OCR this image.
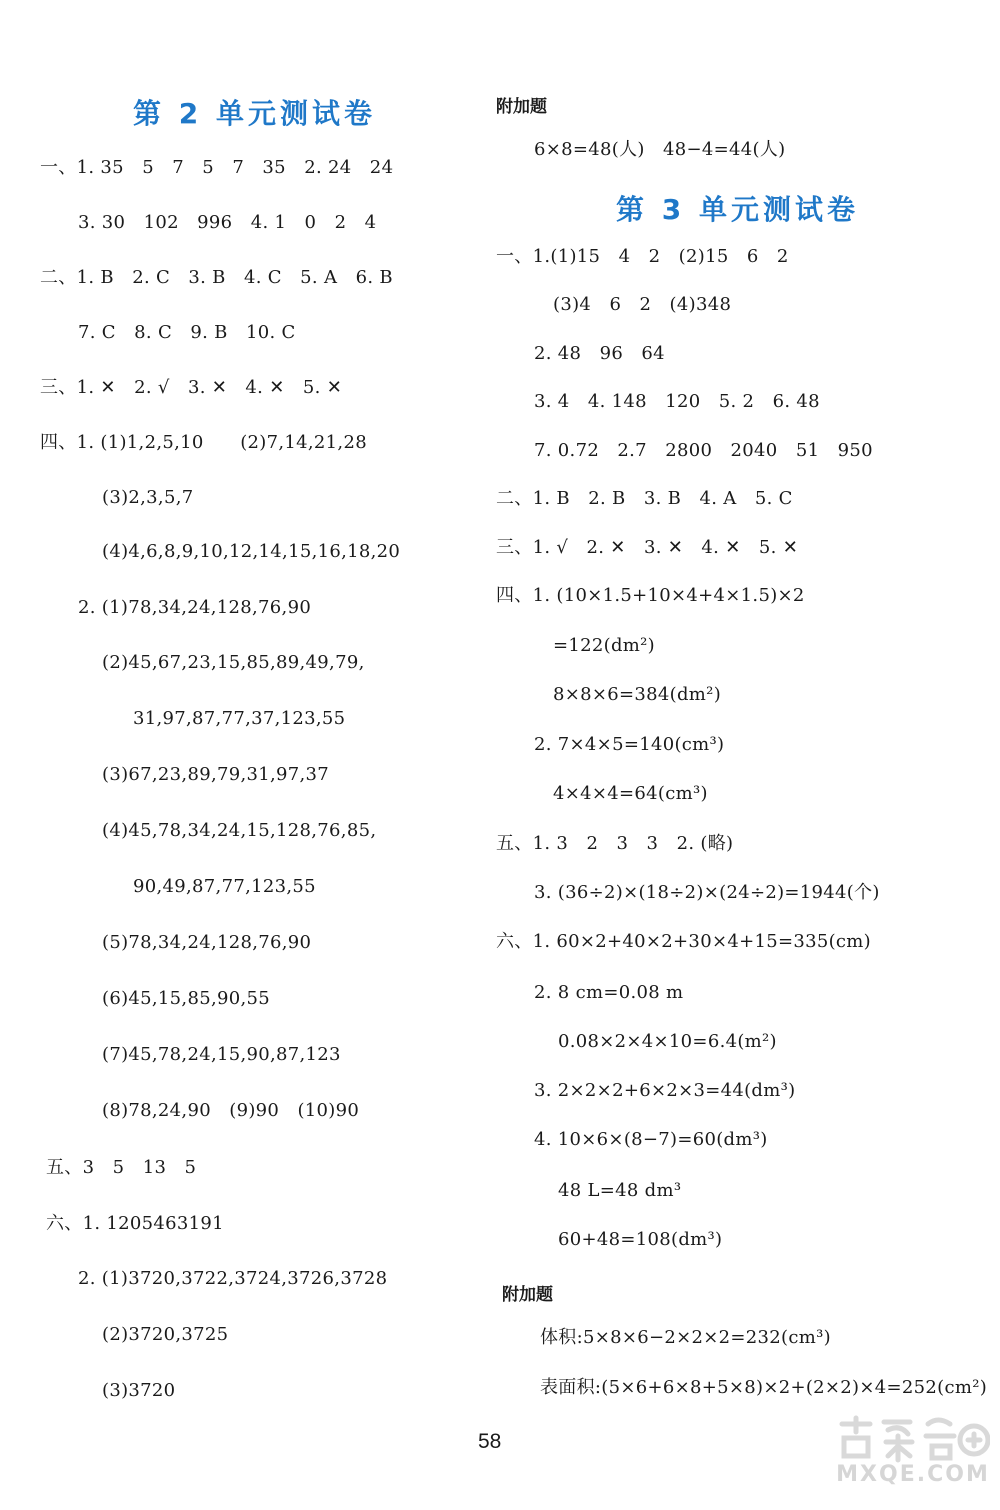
第 2 单元测试卷
一、1. 35　5　7　5　7　35　2. 24　24
3. 30　102　996　4. 1　0　2　4
二、1. B　2. C　3. B　4. C　5. A　6. B
7. C　8. C　9. B　10. C
三、1. ✕　2. √　3. ✕　4. ✕　5. ✕
四、1. (1)1,2,5,10　　(2)7,14,21,28
(3)2,3,5,7
(4)4,6,8,9,10,12,14,15,16,18,20
2. (1)78,34,24,128,76,90
(2)45,67,23,15,85,89,49,79,
31,97,87,77,37,123,55
(3)67,23,89,79,31,97,37
(4)45,78,34,24,15,128,76,85,
90,49,87,77,123,55
(5)78,34,24,128,76,90
(6)45,15,85,90,55
(7)45,78,24,15,90,87,123
(8)78,24,90　(9)90　(10)90
五、3　5　13　5
六、1. 1205463191
2. (1)3720,3722,3724,3726,3728
(2)3720,3725
(3)3720
附加题
6×8=48(人)　48−4=44(人)
第 3 单元测试卷
一、1.(1)15　4　2　(2)15　6　2
(3)4　6　2　(4)348
2. 48　96　64
3. 4　4. 148　120　5. 2　6. 48
7. 0.72　2.7　2800　2040　51　950
二、1. B　2. B　3. B　4. A　5. C
三、1. √　2. ✕　3. ✕　4. ✕　5. ✕
四、1. (10×1.5+10×4+4×1.5)×2
=122(dm²)
8×8×6=384(dm²)
2. 7×4×5=140(cm³)
4×4×4=64(cm³)
五、1. 3　2　3　3　2. (略)
3. (36÷2)×(18÷2)×(24÷2)=1944(个)
六、1. 60×2+40×2+30×4+15=335(cm)
2. 8 cm=0.08 m
0.08×2×4×10=6.4(m²)
3. 2×2×2+6×2×3=44(dm³)
4. 10×6×(8−7)=60(dm³)
48 L=48 dm³
60+48=108(dm³)
附加题
体积:5×8×6−2×2×2=232(cm³)
表面积:(5×6+6×8+5×8)×2+(2×2)×4=252(cm²)
58
MXQE.COM
